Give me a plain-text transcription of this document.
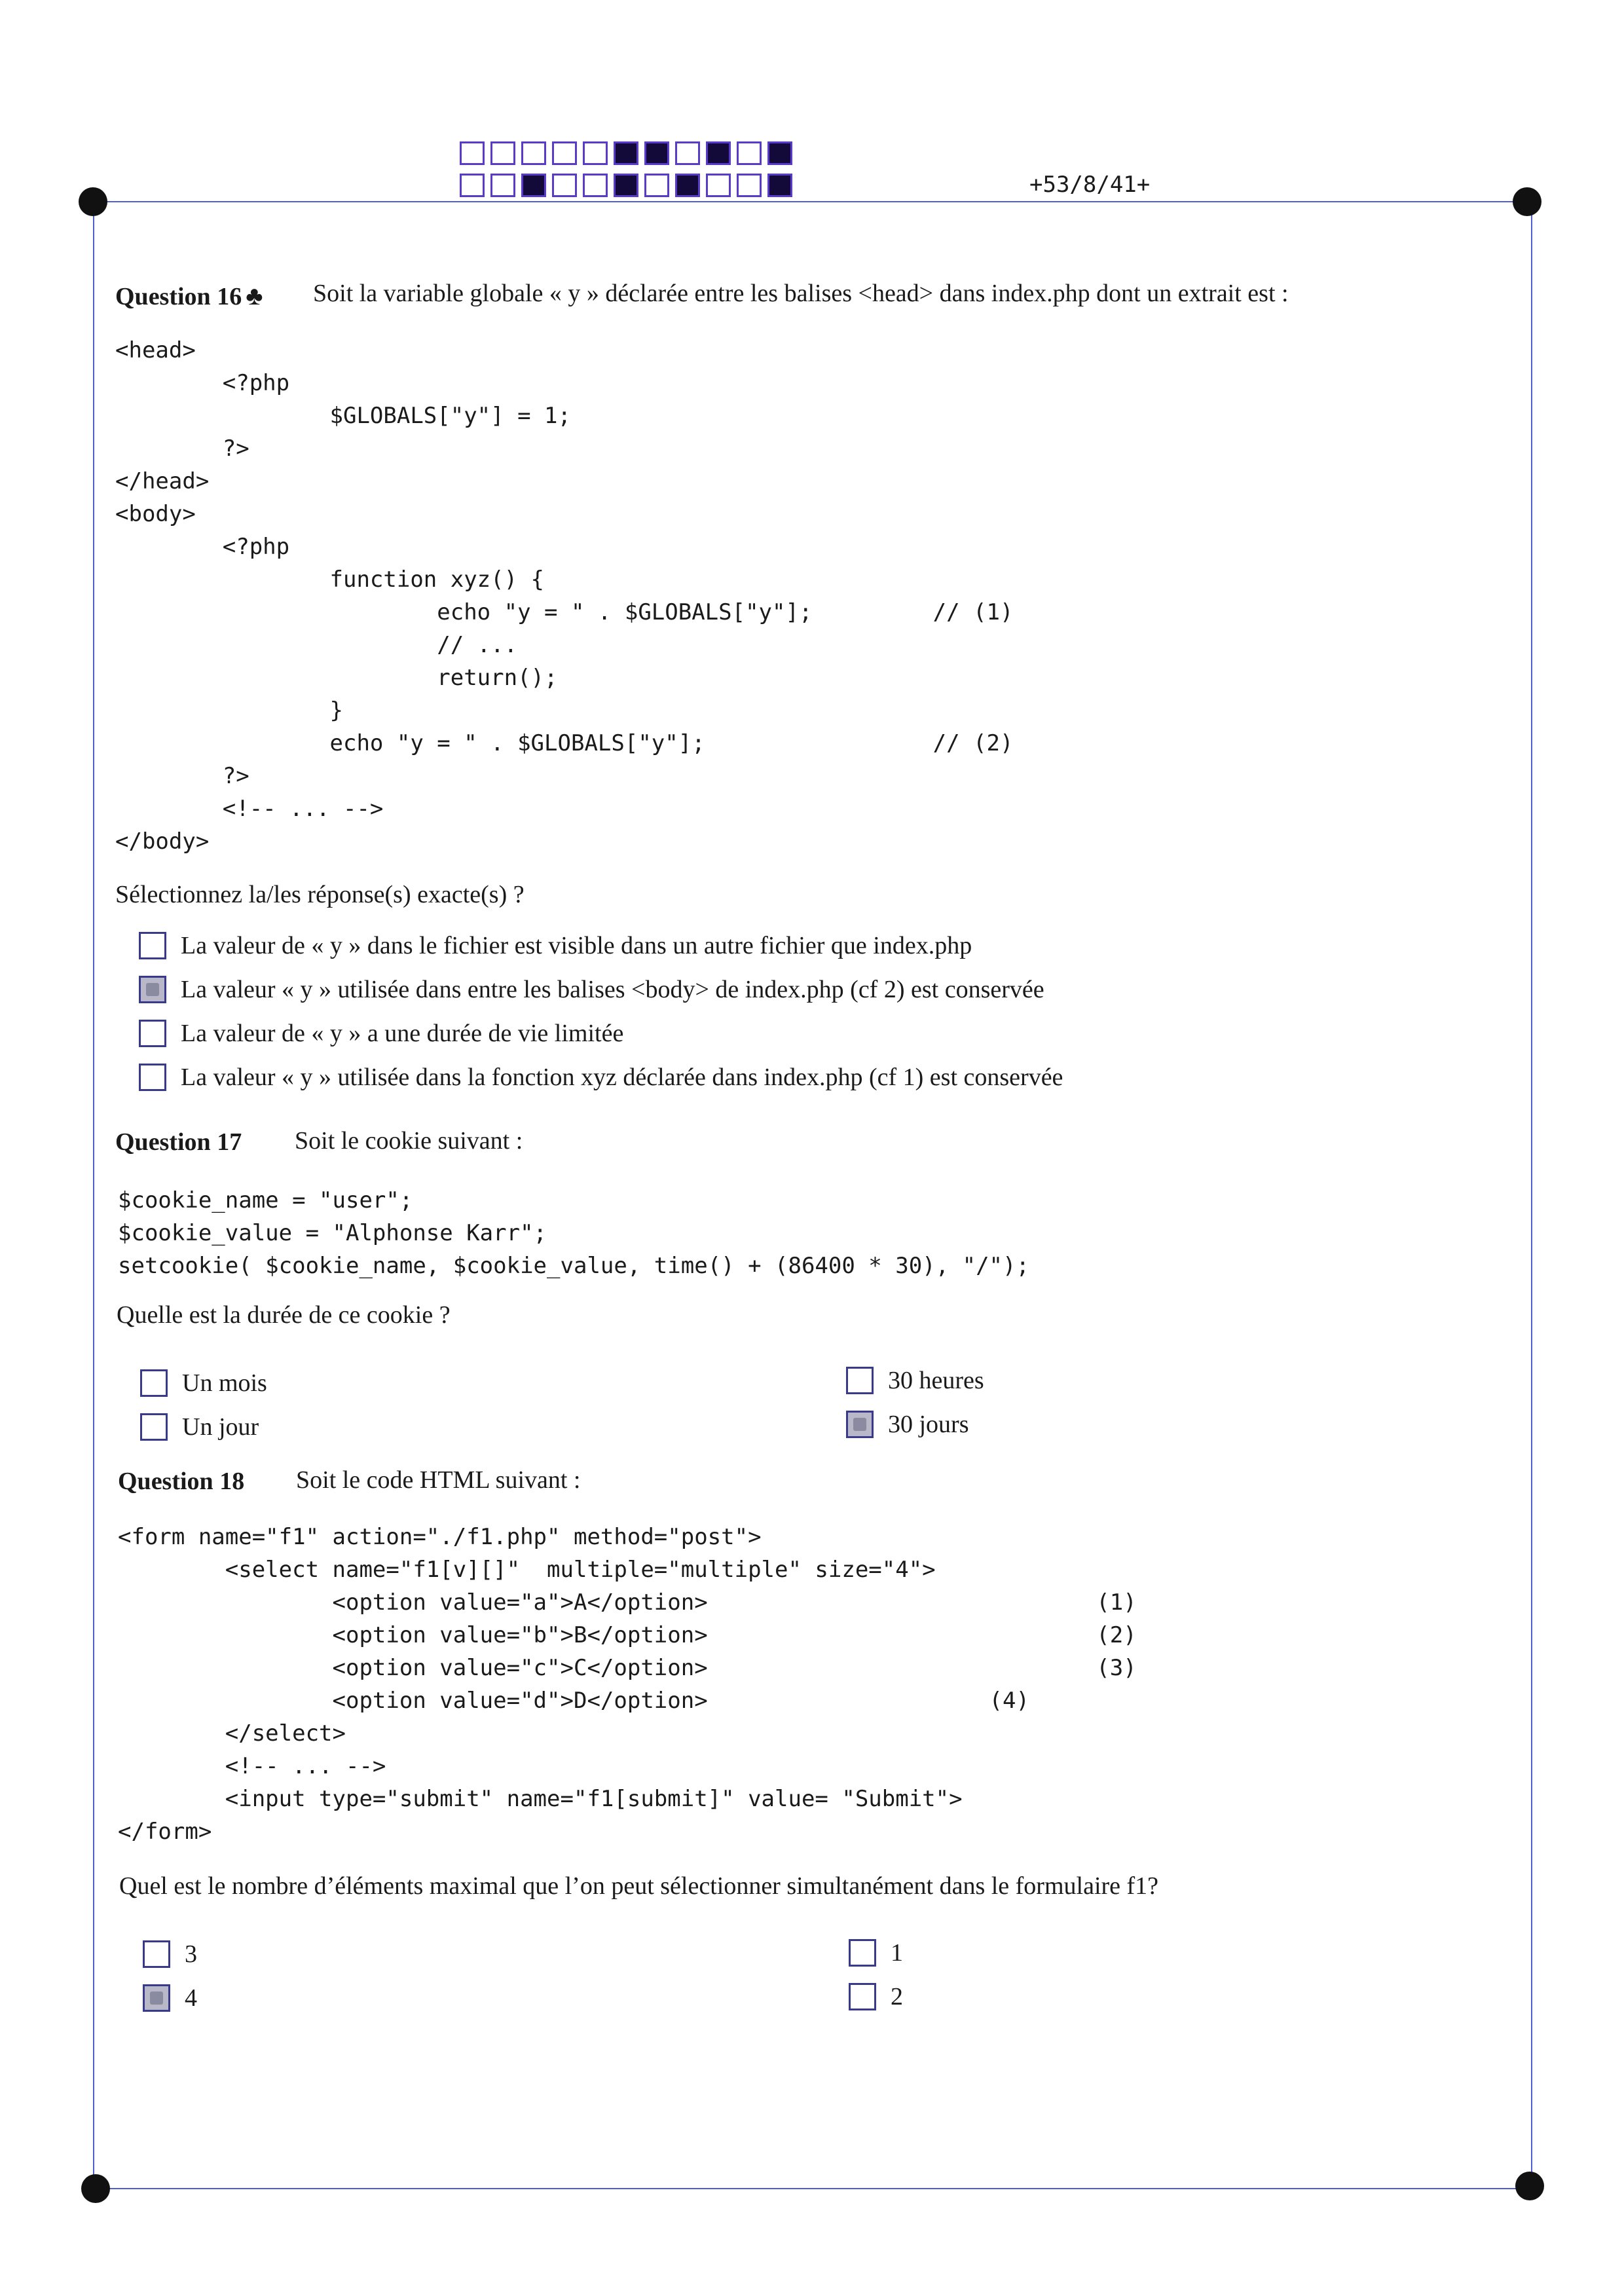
+53/8/41+
Question 16 ♣ Soit la variable globale « y » déclarée entre les balises <head> dans index.php dont un extrait est :
<head>
<?php
$GLOBALS["y"] = 1;
?>
</head>
<body>
<?php
function xyz() {
echo "y = " . $GLOBALS["y"];         // (1)
// ...
return();
}
echo "y = " . $GLOBALS["y"];                 // (2)
?>
<!-- ... -->
</body>
Sélectionnez la/les réponse(s) exacte(s) ?
La valeur de « y » dans le fichier est visible dans un autre fichier que index.php
La valeur « y » utilisée dans entre les balises <body> de index.php (cf 2) est conservée
La valeur de « y » a une durée de vie limitée
La valeur « y » utilisée dans la fonction xyz déclarée dans index.php (cf 1) est conservée
Question 17 Soit le cookie suivant :
$cookie_name = "user";
$cookie_value = "Alphonse Karr";
setcookie( $cookie_name, $cookie_value, time() + (86400 * 30), "/");
Quelle est la durée de ce cookie ?
Un mois
Un jour
30 heures
30 jours
Question 18 Soit le code HTML suivant :
<form name="f1" action="./f1.php" method="post">
<select name="f1[v][]"  multiple="multiple" size="4">
<option value="a">A</option>                             (1)
<option value="b">B</option>                             (2)
<option value="c">C</option>                             (3)
<option value="d">D</option>                     (4)
</select>
<!-- ... -->
<input type="submit" name="f1[submit]" value= "Submit">
</form>
Quel est le nombre d’éléments maximal que l’on peut sélectionner simultanément dans le formulaire f1?
3
4
1
2
